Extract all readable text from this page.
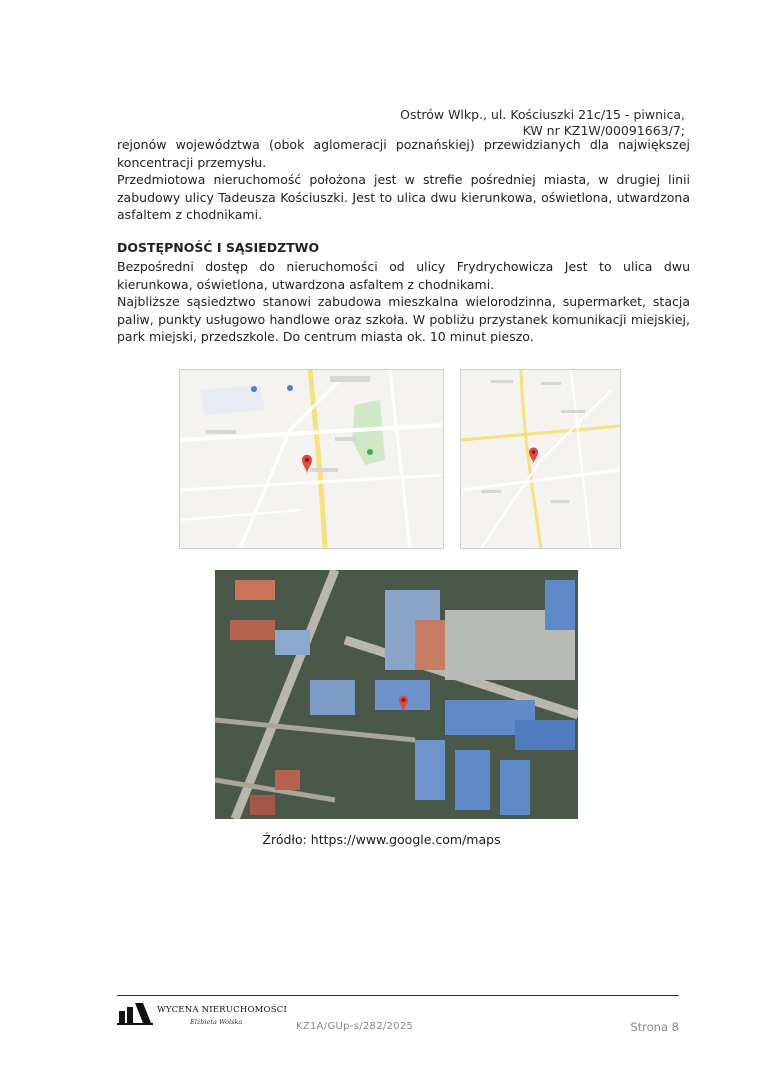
Ostrów Wlkp., ul. Kościuszki 21c/15 - piwnica,
KW nr KZ1W/00091663/7;
rejonów województwa (obok aglomeracji poznańskiej) przewidzianych dla największej koncentracji przemysłu.
Przedmiotowa nieruchomość położona jest w strefie pośredniej miasta, w drugiej linii zabudowy ulicy Tadeusza Kościuszki. Jest to ulica dwu kierunkowa, oświetlona, utwardzona asfaltem z chodnikami.
DOSTĘPNOŚĆ I SĄSIEDZTWO
Bezpośredni dostęp do nieruchomości od ulicy Frydrychowicza Jest to ulica dwu kierunkowa, oświetlona, utwardzona asfaltem z chodnikami.
Najbliższe sąsiedztwo stanowi zabudowa mieszkalna wielorodzinna, supermarket, stacja paliw, punkty usługowo handlowe oraz szkoła. W pobliżu przystanek komunikacji miejskiej, park miejski, przedszkole. Do centrum miasta ok. 10 minut pieszo.
Źródło: https://www.google.com/maps
WYCENA NIERUCHOMOŚCI
Elżbieta Wolska	KZ1A/GUp-s/282/2025	Strona 8
